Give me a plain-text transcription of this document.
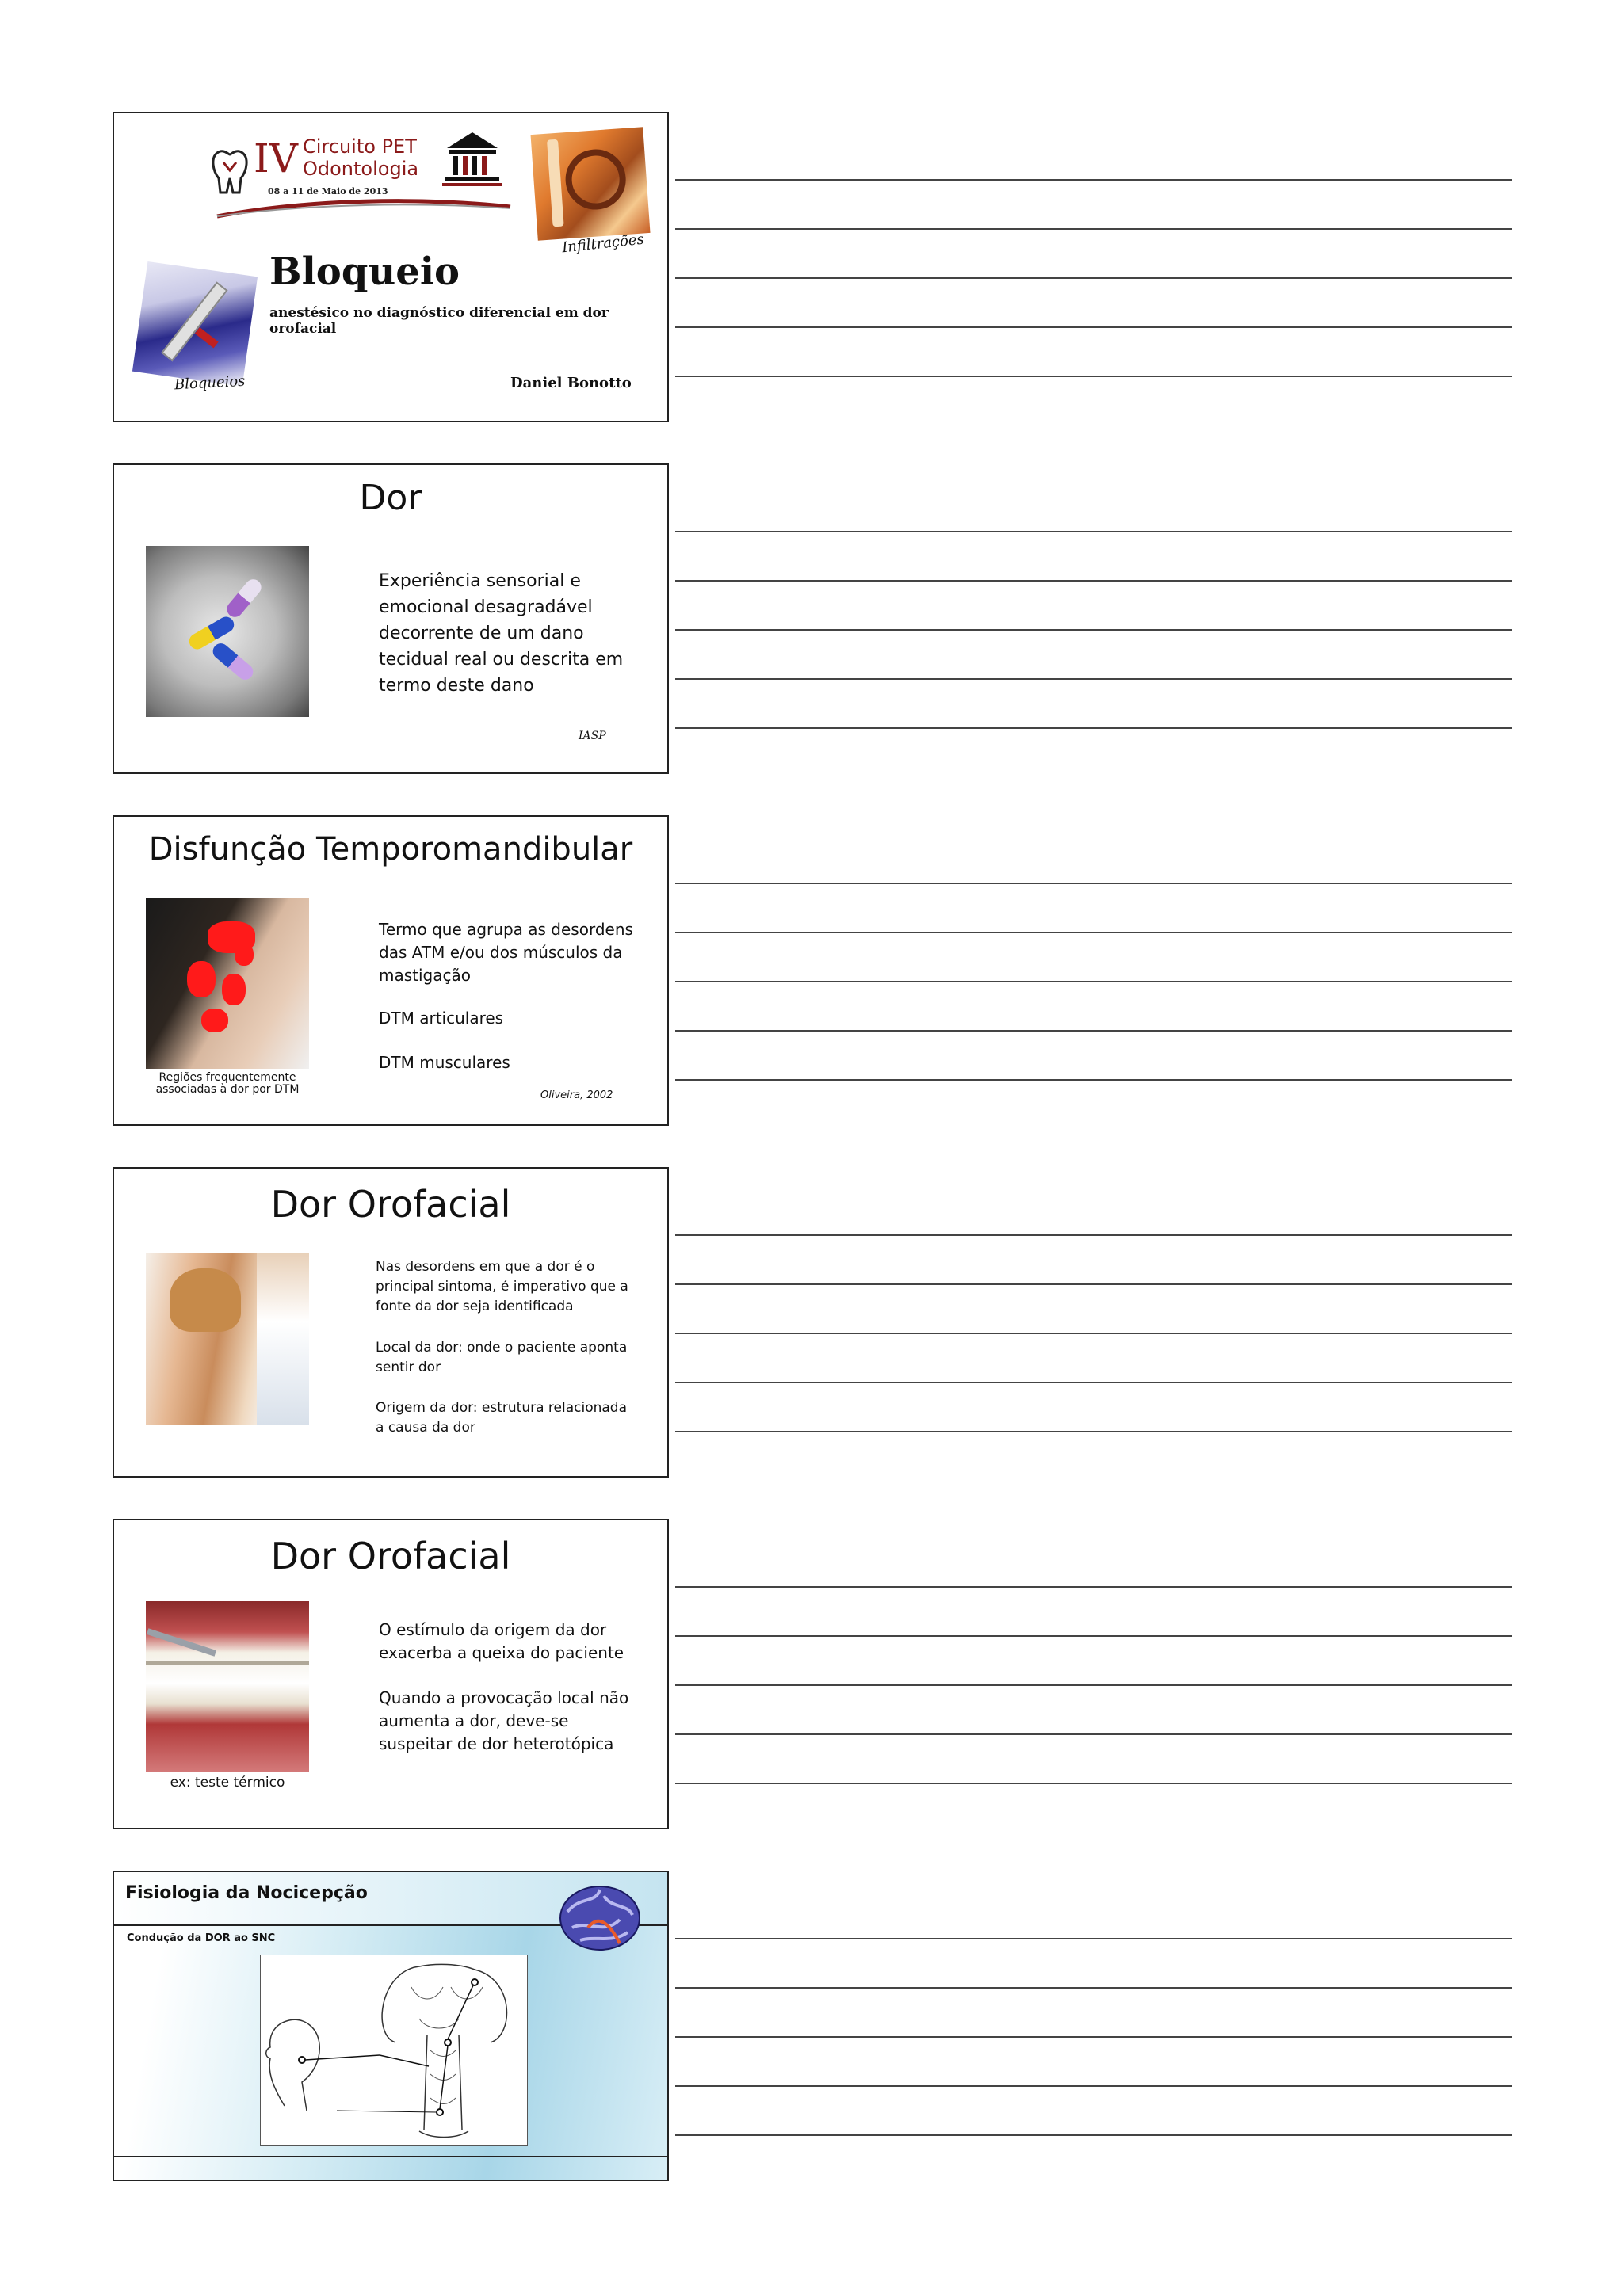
IV Circuito PET
Odontologia
08 a 11 de Maio de 2013
Infiltrações
Bloqueios
Bloqueio
anestésico no diagnóstico diferencial em dor orofacial
Daniel Bonotto
Dor
Experiência sensorial e
emocional desagradável
decorrente de um dano
tecidual real ou descrita em
termo deste dano
IASP
Disfunção Temporomandibular
Regiões frequentemente
associadas à dor por DTM
Termo que agrupa as desordens
das ATM e/ou dos músculos da
mastigação
DTM articulares
DTM musculares
Oliveira, 2002
Dor Orofacial
Nas desordens em que a dor é o
principal sintoma, é imperativo que a
fonte da dor seja identificada
Local da dor: onde o paciente aponta
sentir dor
Origem da dor: estrutura relacionada
a causa da dor
Dor Orofacial
ex: teste térmico
O estímulo da origem da dor
exacerba a queixa do paciente
Quando a provocação local não
aumenta a dor, deve-se
suspeitar de dor heterotópica
Fisiologia da Nocicepção
Condução da DOR ao SNC
